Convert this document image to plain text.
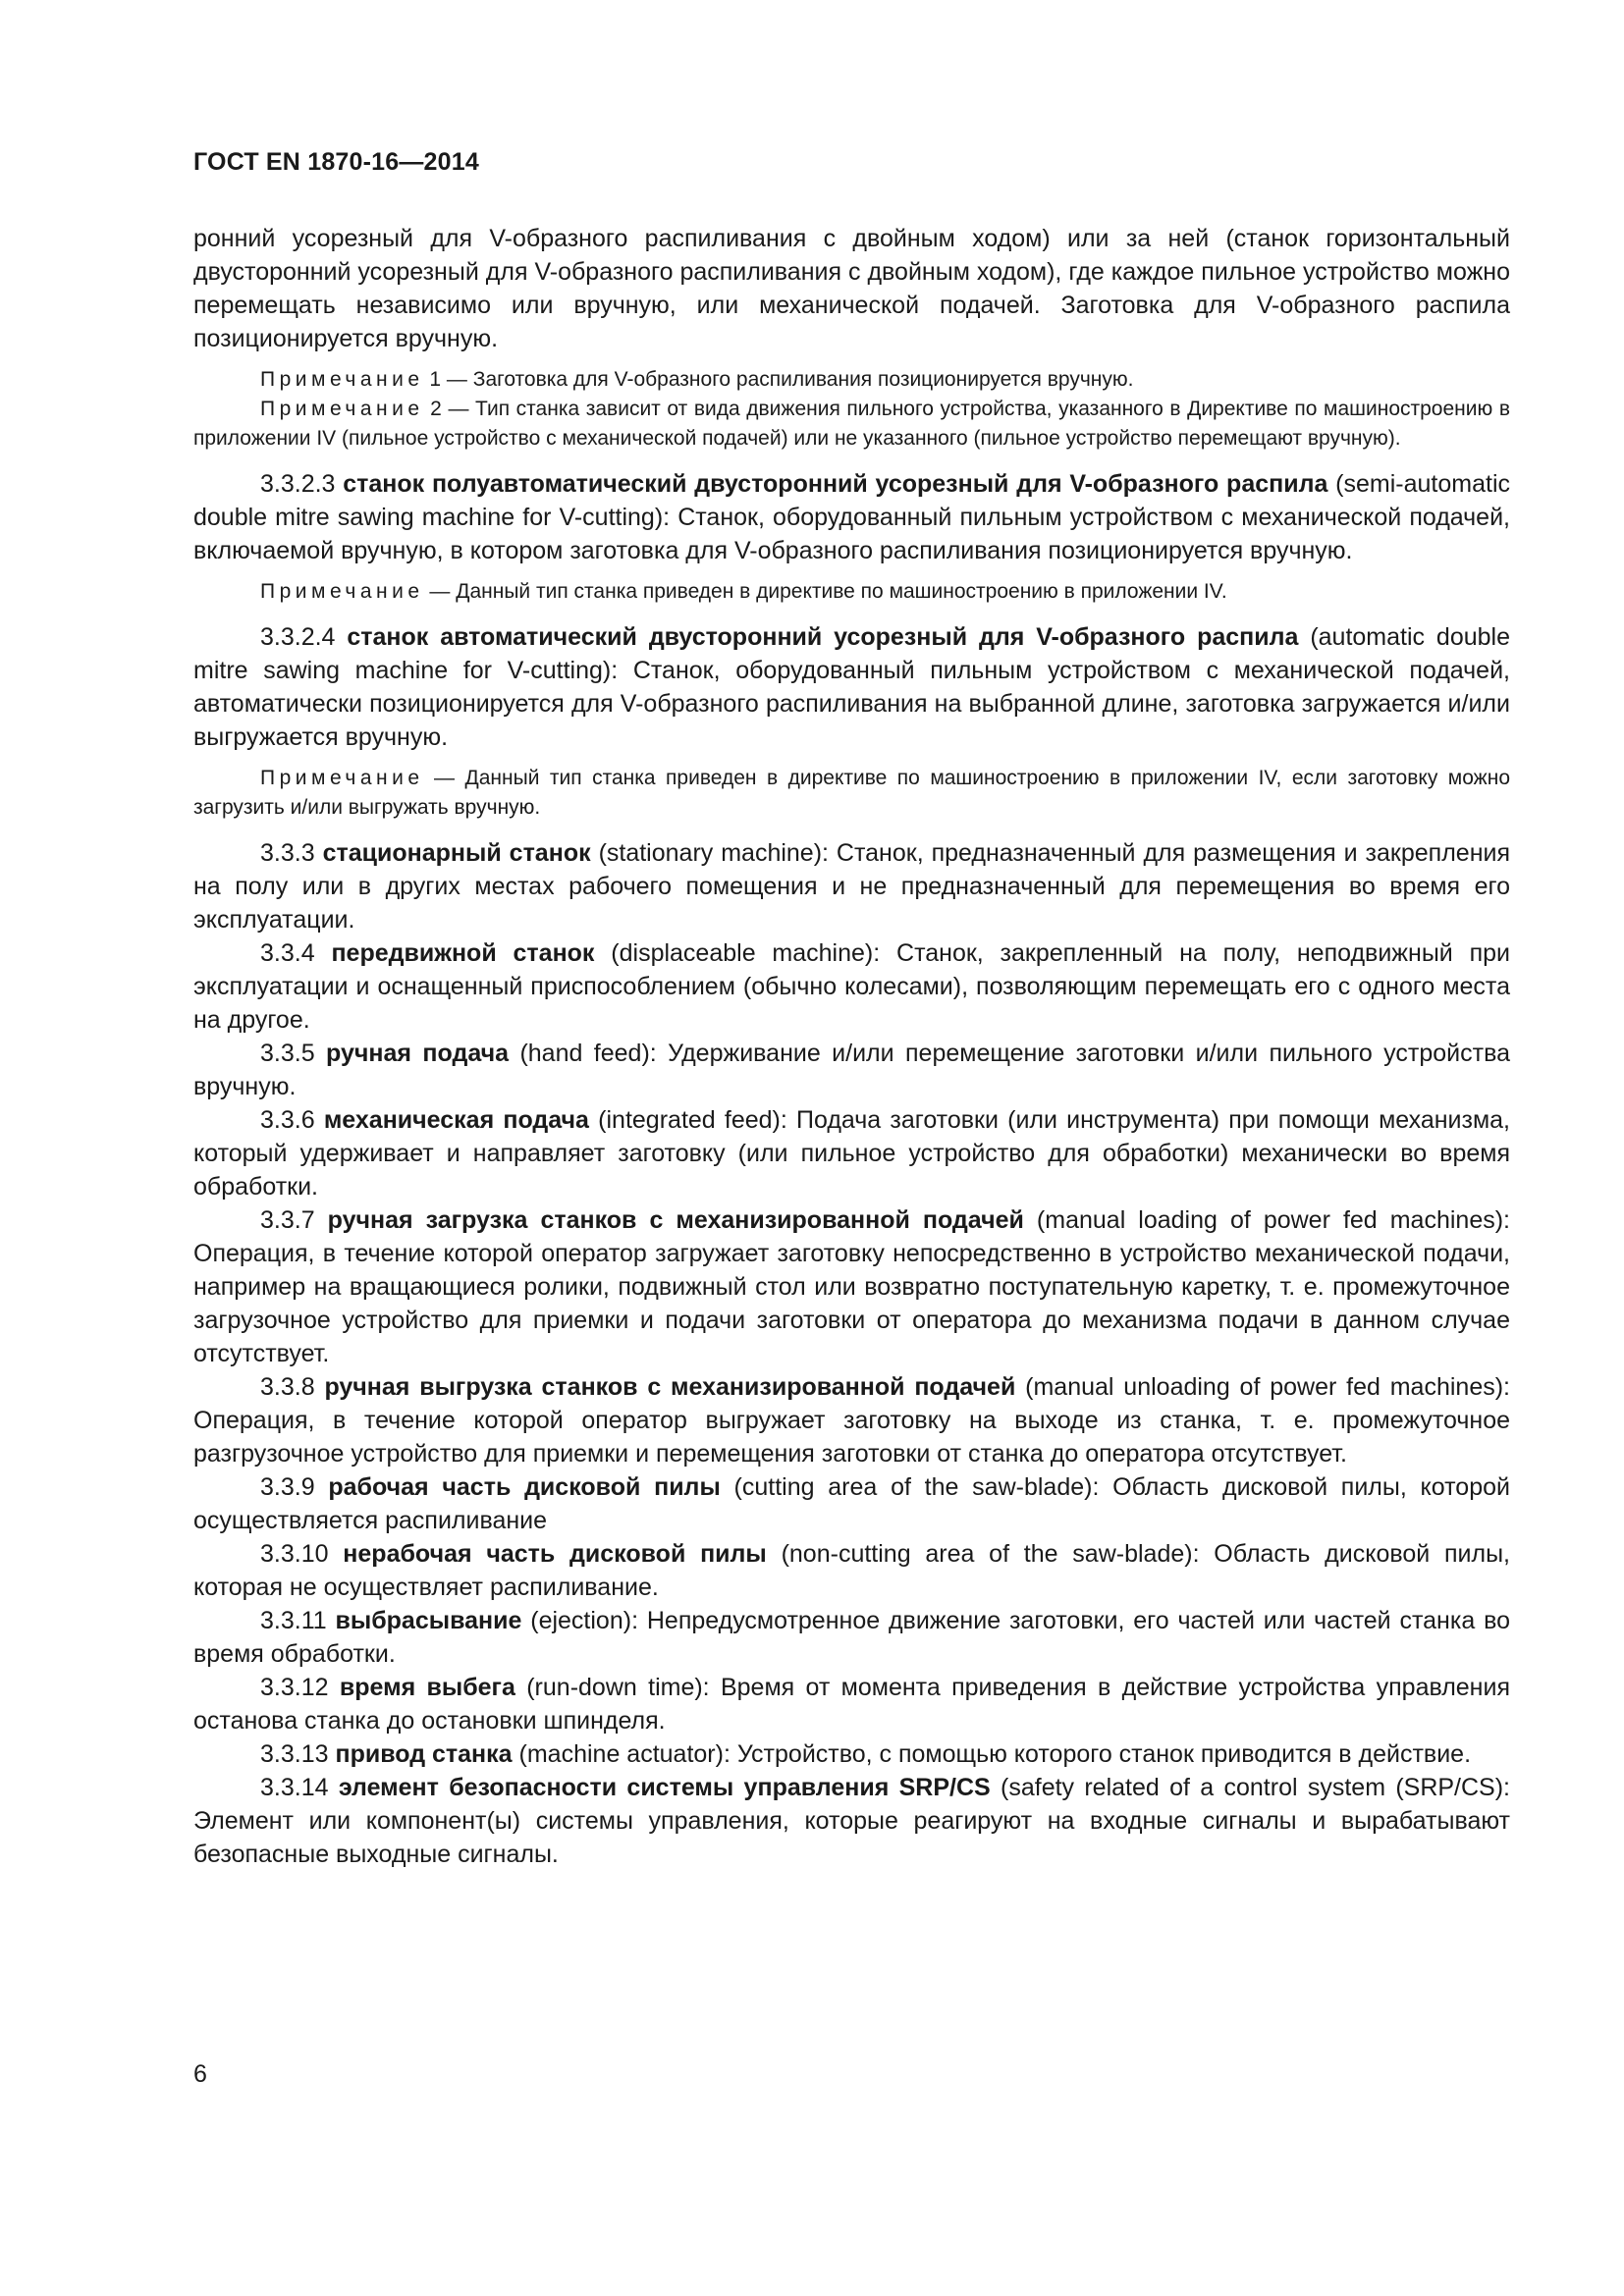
ГОСТ EN 1870-16—2014

ронний усорезный для V-образного распиливания с двойным ходом) или за ней (станок горизонтальный двусторонний усорезный для V-образного распиливания с двойным ходом), где каждое пильное устройство можно перемещать независимо или вручную, или механической подачей. Заготовка для V-образного распила позиционируется вручную.

Примечание 1 — Заготовка для V-образного распиливания позиционируется вручную.

Примечание 2 — Тип станка зависит от вида движения пильного устройства, указанного в Директиве по машиностроению в приложении IV (пильное устройство с механической подачей) или не указанного (пильное устройство перемещают вручную).

3.3.2.3 станок полуавтоматический двусторонний усорезный для V-образного распила (semi-automatic double mitre sawing machine for V-cutting): Станок, оборудованный пильным устройством с механической подачей, включаемой вручную, в котором заготовка для V-образного распиливания позиционируется вручную.

Примечание — Данный тип станка приведен в директиве по машиностроению в приложении IV.

3.3.2.4 станок автоматический двусторонний усорезный для V-образного распила (automatic double mitre sawing machine for V-cutting): Станок, оборудованный пильным устройством с механической подачей, автоматически позиционируется для V-образного распиливания на выбранной длине, заготовка загружается и/или выгружается вручную.

Примечание — Данный тип станка приведен в директиве по машиностроению в приложении IV, если заготовку можно загрузить и/или выгружать вручную.

3.3.3 стационарный станок (stationary machine): Станок, предназначенный для размещения и закрепления на полу или в других местах рабочего помещения и не предназначенный для перемещения во время его эксплуатации.

3.3.4 передвижной станок (displaceable machine): Станок, закрепленный на полу, неподвижный при эксплуатации и оснащенный приспособлением (обычно колесами), позволяющим перемещать его с одного места на другое.

3.3.5 ручная подача (hand feed): Удерживание и/или перемещение заготовки и/или пильного устройства вручную.

3.3.6 механическая подача (integrated feed): Подача заготовки (или инструмента) при помощи механизма, который удерживает и направляет заготовку (или пильное устройство для обработки) механически во время обработки.

3.3.7 ручная загрузка станков с механизированной подачей (manual loading of power fed machines): Операция, в течение которой оператор загружает заготовку непосредственно в устройство механической подачи, например на вращающиеся ролики, подвижный стол или возвратно поступательную каретку, т. е. промежуточное загрузочное устройство для приемки и подачи заготовки от оператора до механизма подачи в данном случае отсутствует.

3.3.8 ручная выгрузка станков с механизированной подачей (manual unloading of power fed machines): Операция, в течение которой оператор выгружает заготовку на выходе из станка, т. е. промежуточное разгрузочное устройство для приемки и перемещения заготовки от станка до оператора отсутствует.

3.3.9 рабочая часть дисковой пилы (cutting area of the saw-blade): Область дисковой пилы, которой осуществляется распиливание

3.3.10 нерабочая часть дисковой пилы (non-cutting area of the saw-blade): Область дисковой пилы, которая не осуществляет распиливание.

3.3.11 выбрасывание (ejection): Непредусмотренное движение заготовки, его частей или частей станка во время обработки.

3.3.12 время выбега (run-down time): Время от момента приведения в действие устройства управления останова станка до остановки шпинделя.

3.3.13 привод станка (machine actuator): Устройство, с помощью которого станок приводится в действие.

3.3.14 элемент безопасности системы управления SRP/CS (safety related of a control system (SRP/CS): Элемент или компонент(ы) системы управления, которые реагируют на входные сигналы и вырабатывают безопасные выходные сигналы.

6
